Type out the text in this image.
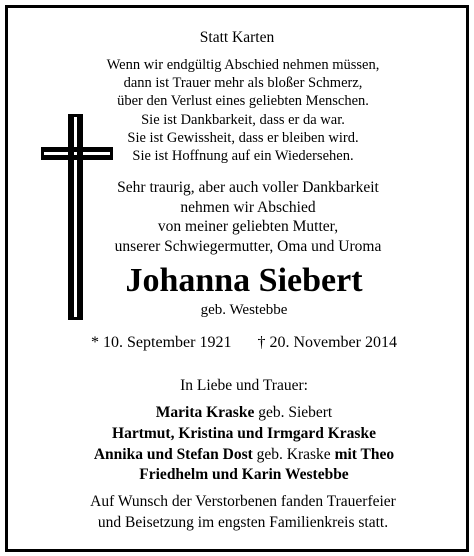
Statt Karten
Wenn wir endgültig Abschied nehmen müssen,
dann ist Trauer mehr als bloßer Schmerz,
über den Verlust eines geliebten Menschen.
Sie ist Dankbarkeit, dass er da war.
Sie ist Gewissheit, dass er bleiben wird.
Sie ist Hoffnung auf ein Wiedersehen.
Sehr traurig, aber auch voller Dankbarkeit
nehmen wir Abschied
von meiner geliebten Mutter,
unserer Schwiegermutter, Oma und Uroma
Johanna Siebert
geb. Westebbe
* 10. September 1921 † 20. November 2014
In Liebe und Trauer:
Marita Kraske geb. Siebert
Hartmut, Kristina und Irmgard Kraske
Annika und Stefan Dost geb. Kraske mit Theo
Friedhelm und Karin Westebbe
Auf Wunsch der Verstorbenen fanden Trauerfeier
und Beisetzung im engsten Familienkreis statt.
